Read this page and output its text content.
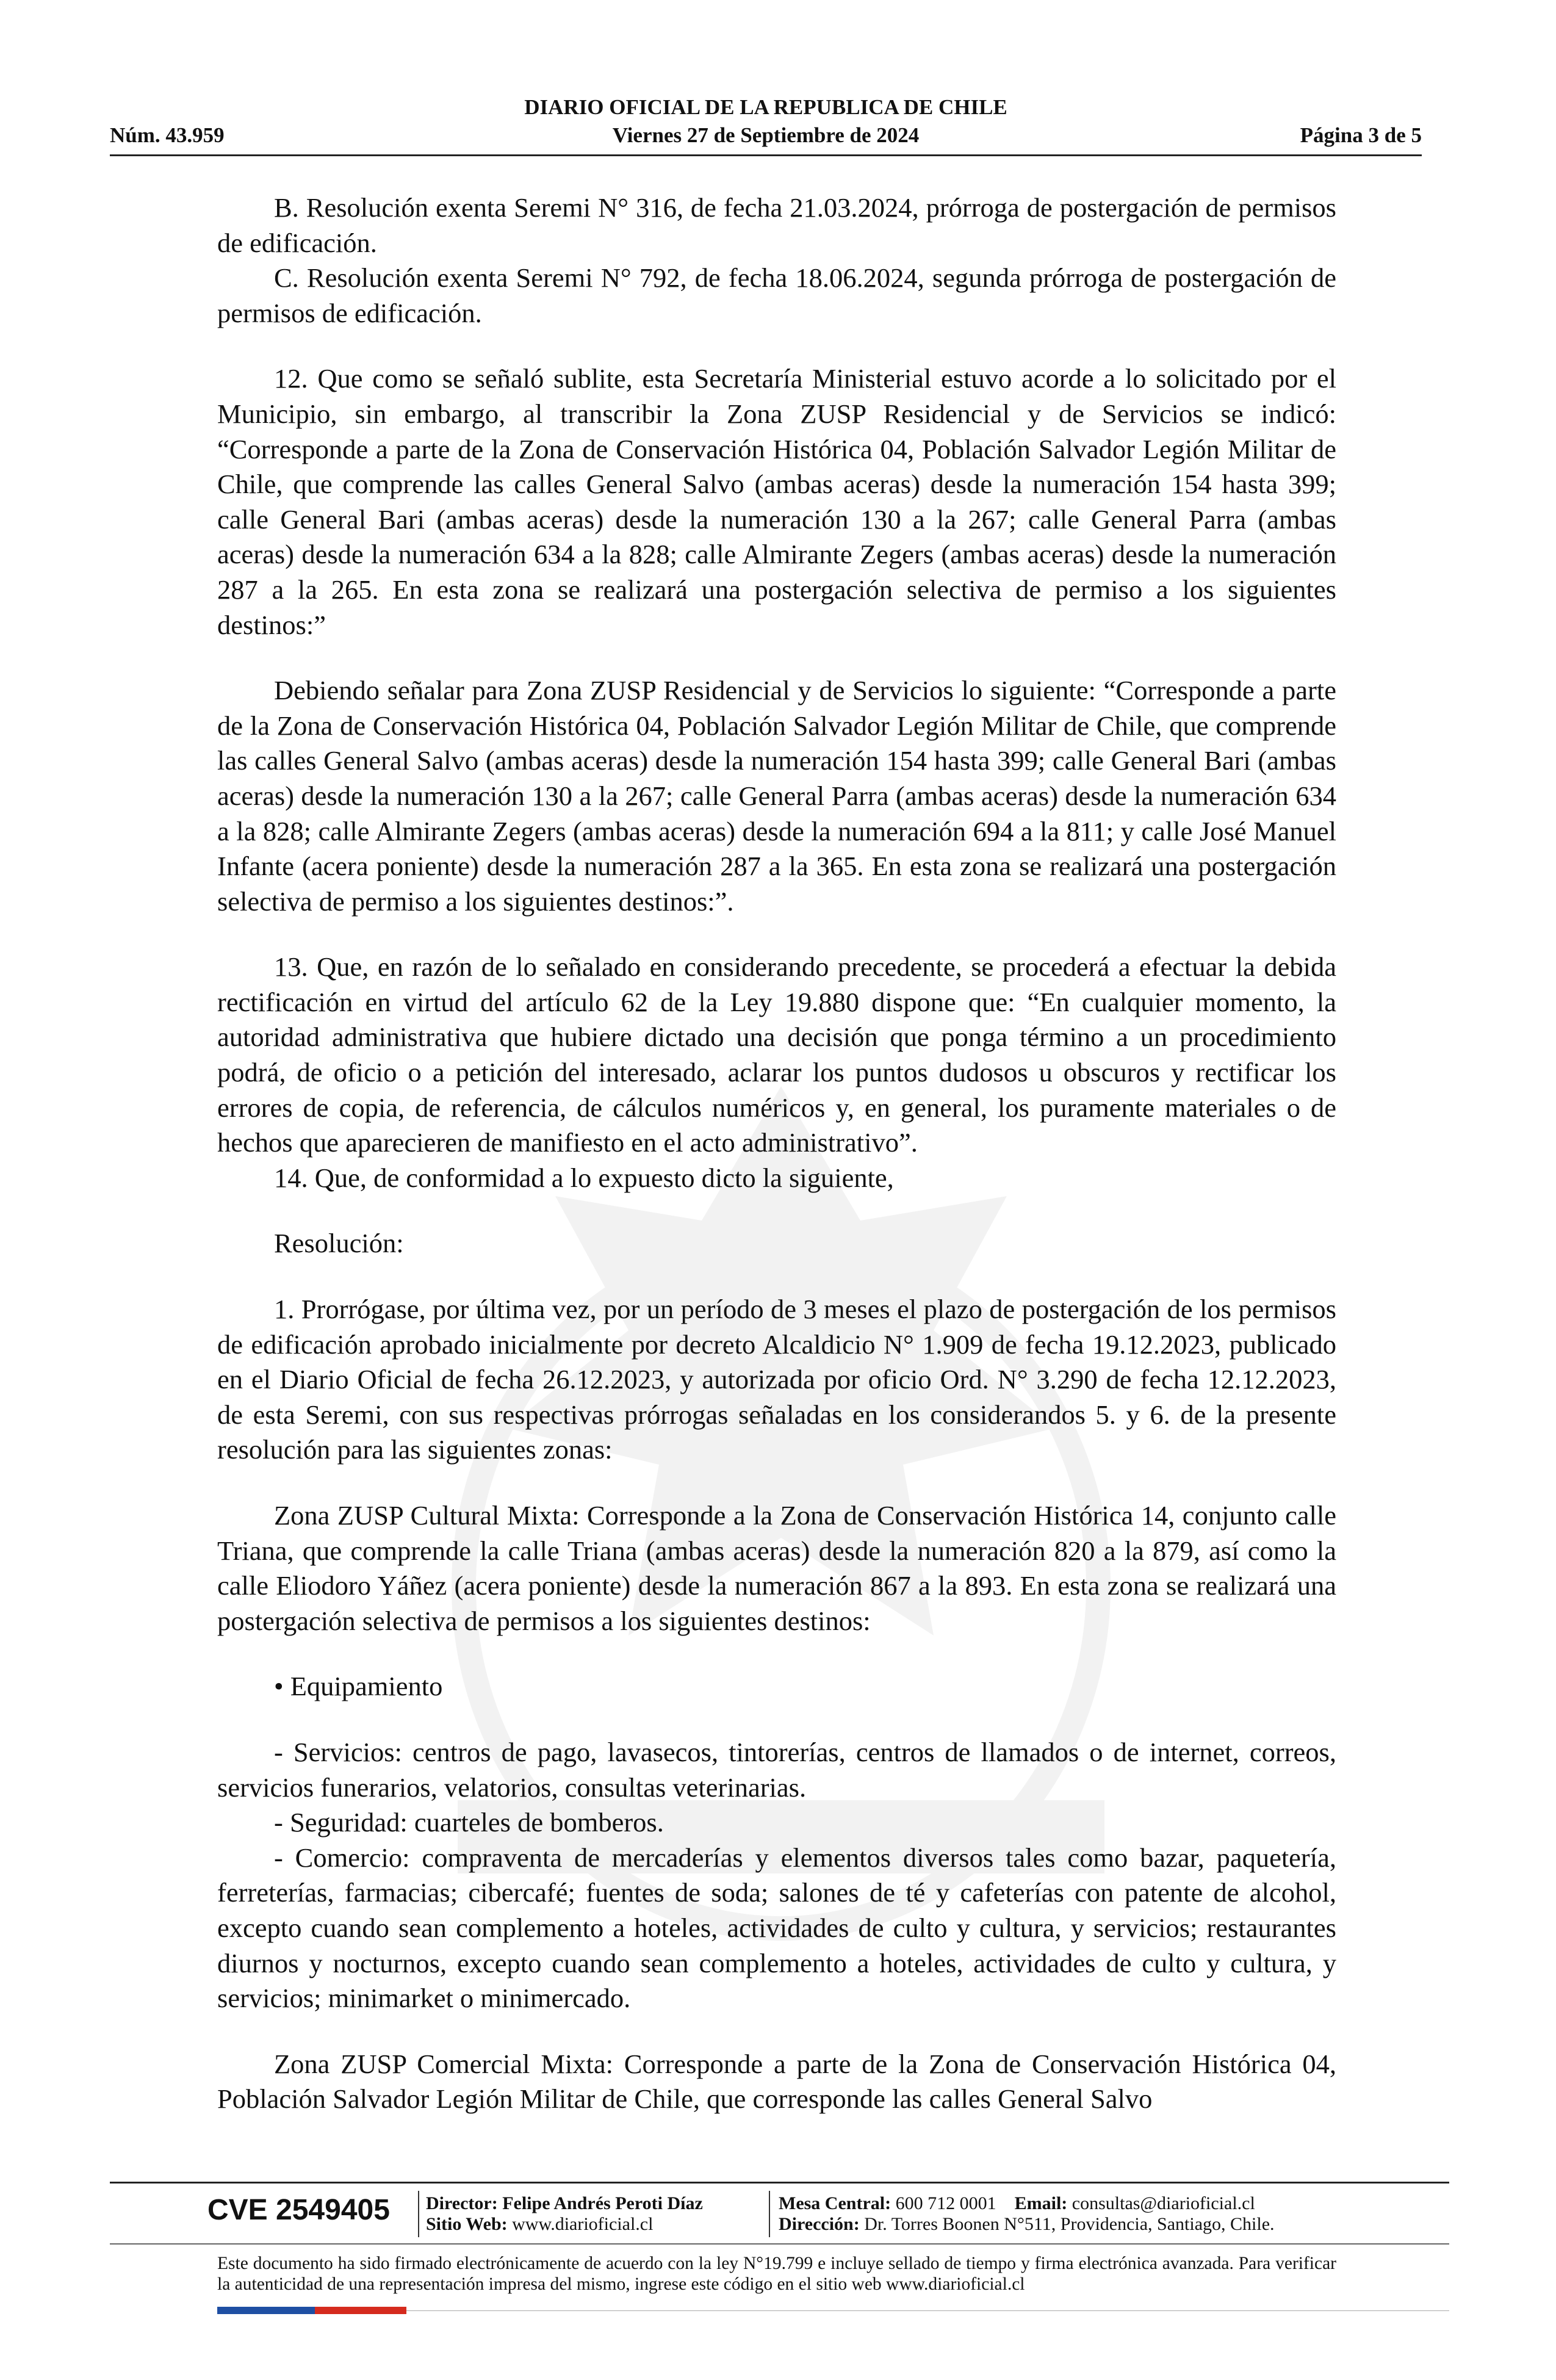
DIARIO OFICIAL DE LA REPUBLICA DE CHILE
Núm. 43.959	Viernes 27 de Septiembre de 2024	Página 3 de 5

B. Resolución exenta Seremi N° 316, de fecha 21.03.2024, prórroga de postergación de permisos de edificación.

C. Resolución exenta Seremi N° 792, de fecha 18.06.2024, segunda prórroga de postergación de permisos de edificación.

12. Que como se señaló sublite, esta Secretaría Ministerial estuvo acorde a lo solicitado por el Municipio, sin embargo, al transcribir la Zona ZUSP Residencial y de Servicios se indicó: “Corresponde a parte de la Zona de Conservación Histórica 04, Población Salvador Legión Militar de Chile, que comprende las calles General Salvo (ambas aceras) desde la numeración 154 hasta 399; calle General Bari (ambas aceras) desde la numeración 130 a la 267; calle General Parra (ambas aceras) desde la numeración 634 a la 828; calle Almirante Zegers (ambas aceras) desde la numeración 287 a la 265. En esta zona se realizará una postergación selectiva de permiso a los siguientes destinos:”

Debiendo señalar para Zona ZUSP Residencial y de Servicios lo siguiente: “Corresponde a parte de la Zona de Conservación Histórica 04, Población Salvador Legión Militar de Chile, que comprende las calles General Salvo (ambas aceras) desde la numeración 154 hasta 399; calle General Bari (ambas aceras) desde la numeración 130 a la 267; calle General Parra (ambas aceras) desde la numeración 634 a la 828; calle Almirante Zegers (ambas aceras) desde la numeración 694 a la 811; y calle José Manuel Infante (acera poniente) desde la numeración 287 a la 365. En esta zona se realizará una postergación selectiva de permiso a los siguientes destinos:”.

13. Que, en razón de lo señalado en considerando precedente, se procederá a efectuar la debida rectificación en virtud del artículo 62 de la Ley 19.880 dispone que: “En cualquier momento, la autoridad administrativa que hubiere dictado una decisión que ponga término a un procedimiento podrá, de oficio o a petición del interesado, aclarar los puntos dudosos u obscuros y rectificar los errores de copia, de referencia, de cálculos numéricos y, en general, los puramente materiales o de hechos que aparecieren de manifiesto en el acto administrativo”.

14. Que, de conformidad a lo expuesto dicto la siguiente,

Resolución:

1. Prorrógase, por última vez, por un período de 3 meses el plazo de postergación de los permisos de edificación aprobado inicialmente por decreto Alcaldicio N° 1.909 de fecha 19.12.2023, publicado en el Diario Oficial de fecha 26.12.2023, y autorizada por oficio Ord. N° 3.290 de fecha 12.12.2023, de esta Seremi, con sus respectivas prórrogas señaladas en los considerandos 5. y 6. de la presente resolución para las siguientes zonas:

Zona ZUSP Cultural Mixta: Corresponde a la Zona de Conservación Histórica 14, conjunto calle Triana, que comprende la calle Triana (ambas aceras) desde la numeración 820 a la 879, así como la calle Eliodoro Yáñez (acera poniente) desde la numeración 867 a la 893. En esta zona se realizará una postergación selectiva de permisos a los siguientes destinos:

• Equipamiento

- Servicios: centros de pago, lavasecos, tintorerías, centros de llamados o de internet, correos, servicios funerarios, velatorios, consultas veterinarias.

- Seguridad: cuarteles de bomberos.

- Comercio: compraventa de mercaderías y elementos diversos tales como bazar, paquetería, ferreterías, farmacias; cibercafé; fuentes de soda; salones de té y cafeterías con patente de alcohol, excepto cuando sean complemento a hoteles, actividades de culto y cultura, y servicios; restaurantes diurnos y nocturnos, excepto cuando sean complemento a hoteles, actividades de culto y cultura, y servicios; minimarket o minimercado.

Zona ZUSP Comercial Mixta: Corresponde a parte de la Zona de Conservación Histórica 04, Población Salvador Legión Militar de Chile, que corresponde las calles General Salvo

CVE 2549405 Director: Felipe Andrés Peroti Díaz
Sitio Web: www.diarioficial.cl
Mesa Central: 600 712 0001 Email: consultas@diarioficial.cl
Dirección: Dr. Torres Boonen N°511, Providencia, Santiago, Chile.
Este documento ha sido firmado electrónicamente de acuerdo con la ley N°19.799 e incluye sellado de tiempo y firma electrónica avanzada. Para verificar la autenticidad de una representación impresa del mismo, ingrese este código en el sitio web www.diarioficial.cl
